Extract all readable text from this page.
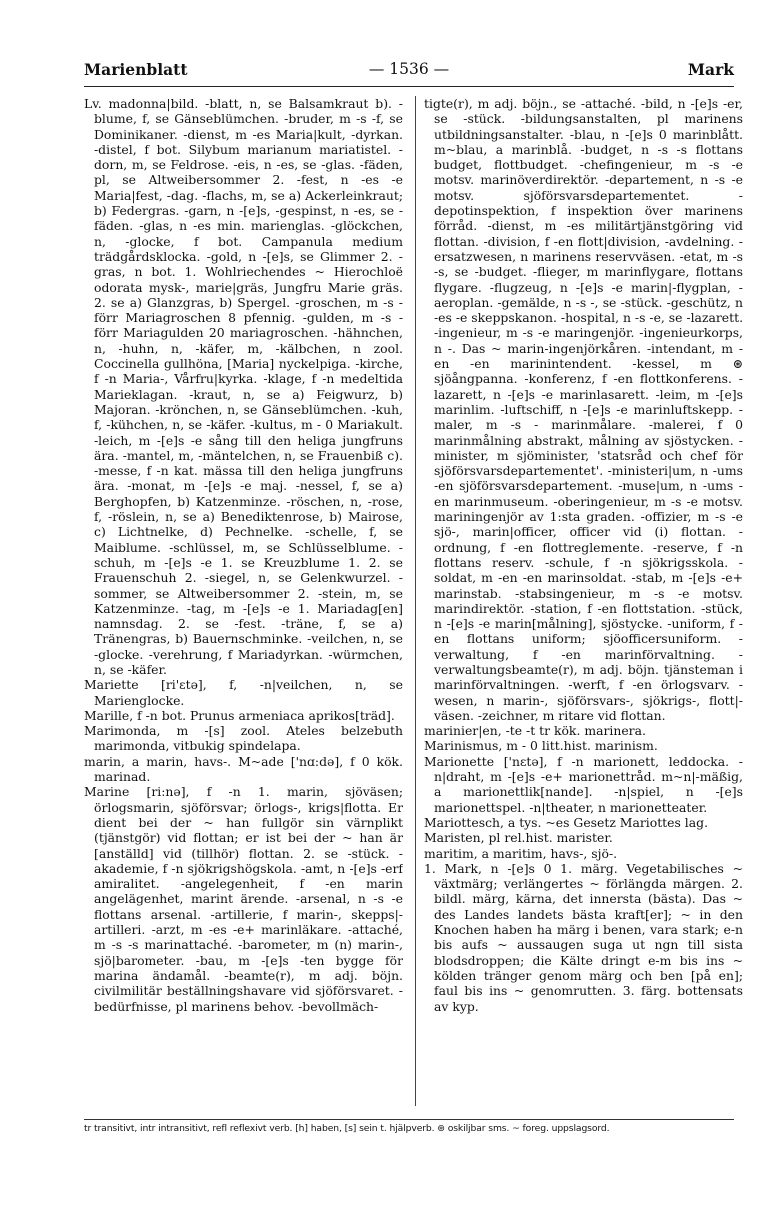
Marienblatt	— 1536 —	Mark

Lv. madonna|bild. -blatt, n, se Balsamkraut b). -blume, f, se Gänseblümchen. -bruder, m -s -f, se Dominikaner. -dienst, m -es Maria|kult, -dyrkan. -distel, f bot. Silybum marianum mariatistel. -dorn, m, se Feldrose. -eis, n -es, se -glas. -fäden, pl, se Altweibersommer 2. -fest, n -es -e Maria|fest, -dag. -flachs, m, se a) Ackerleinkraut; b) Federgras. -garn, n -[e]s, -gespinst, n -es, se -fäden. -glas, n -es min. marienglas. -glöckchen, n, -glocke, f bot. Campanula medium trädgårdsklocka. -gold, n -[e]s, se Glimmer 2. -gras, n bot. 1. Wohlriechendes ~ Hierochloë odorata mysk-, marie|gräs, Jungfru Marie gräs. 2. se a) Glanzgras, b) Spergel. -groschen, m -s - förr Mariagroschen 8 pfennig. -gulden, m -s - förr Mariagulden 20 mariagroschen. -hähnchen, n, -huhn, n, -käfer, m, -kälbchen, n zool. Coccinella gullhöna, [Maria] nyckelpiga. -kirche, f -n Maria-, Vårfru|kyrka. -klage, f -n medeltida Marieklagan. -kraut, n, se a) Feigwurz, b) Majoran. -krönchen, n, se Gänseblümchen. -kuh, f, -kühchen, n, se -käfer. -kultus, m - 0 Mariakult. -leich, m -[e]s -e sång till den heliga jungfruns ära. -mantel, m, -mäntelchen, n, se Frauenbiß c). -messe, f -n kat. mässa till den heliga jungfruns ära. -monat, m -[e]s -e maj. -nessel, f, se a) Berghopfen, b) Katzenminze. -röschen, n, -rose, f, -röslein, n, se a) Benediktenrose, b) Mairose, c) Lichtnelke, d) Pechnelke. -schelle, f, se Maiblume. -schlüssel, m, se Schlüsselblume. -schuh, m -[e]s -e 1. se Kreuzblume 1. 2. se Frauenschuh 2. -siegel, n, se Gelenkwurzel. -sommer, se Altweibersommer 2. -stein, m, se Katzenminze. -tag, m -[e]s -e 1. Mariadag[en] namnsdag. 2. se -fest. -träne, f, se a) Tränengras, b) Bauernschminke. -veilchen, n, se -glocke. -verehrung, f Mariadyrkan. -würmchen, n, se -käfer.

Mariette [ri'ɛtə], f, -n|veilchen, n, se Marienglocke.

Marille, f -n bot. Prunus armeniaca aprikos[träd].

Marimonda, m -[s] zool. Ateles belzebuth marimonda, vitbukig spindelapa.

marin, a marin, havs-. M~ade ['nɑ:də], f 0 kök. marinad.

Marine [ri:nə], f -n 1. marin, sjöväsen; örlogsmarin, sjöförsvar; örlogs-, krigs|flotta. Er dient bei der ~ han fullgör sin värnplikt (tjänstgör) vid flottan; er ist bei der ~ han är [anställd] vid (tillhör) flottan. 2. se -stück. -akademie, f -n sjökrigshögskola. -amt, n -[e]s -erf amiralitet. -angelegenheit, f -en marin angelägenhet, marint ärende. -arsenal, n -s -e flottans arsenal. -artillerie, f marin-, skepps|-artilleri. -arzt, m -es -e+ marinläkare. -attaché, m -s -s marinattaché. -barometer, m (n) marin-, sjö|barometer. -bau, m -[e]s -ten bygge för marina ändamål. -beamte(r), m adj. böjn. civilmilitär beställningshavare vid sjöförsvaret. -bedürfnisse, pl marinens behov. -bevollmäch-

tigte(r), m adj. böjn., se -attaché. -bild, n -[e]s -er, se -stück. -bildungsanstalten, pl marinens utbildningsanstalter. -blau, n -[e]s 0 marinblått. m~blau, a marinblå. -budget, n -s -s flottans budget, flottbudget. -chefingenieur, m -s -e motsv. marinöverdirektör. -departement, n -s -e motsv. sjöförsvarsdepartementet. -depotinspektion, f inspektion över marinens förråd. -dienst, m -es militärtjänstgöring vid flottan. -division, f -en flott|division, -avdelning. -ersatzwesen, n marinens reservväsen. -etat, m -s -s, se -budget. -flieger, m marinflygare, flottans flygare. -flugzeug, n -[e]s -e marin|-flygplan, -aeroplan. -gemälde, n -s -, se -stück. -geschütz, n -es -e skeppskanon. -hospital, n -s -e, se -lazarett. -ingenieur, m -s -e maringenjör. -ingenieurkorps, n -. Das ~ marin-ingenjörkåren. -intendant, m -en -en marinintendent. -kessel, m ⊛ sjöångpanna. -konferenz, f -en flottkonferens. -lazarett, n -[e]s -e marinlasarett. -leim, m -[e]s marinlim. -luftschiff, n -[e]s -e marinluftskepp. -maler, m -s - marinmålare. -malerei, f 0 marinmålning abstrakt, målning av sjöstycken. -minister, m sjöminister, 'statsråd och chef för sjöförsvarsdepartementet'. -ministeri|um, n -ums -en sjöförsvarsdepartement. -muse|um, n -ums -en marinmuseum. -oberingenieur, m -s -e motsv. mariningenjör av 1:sta graden. -offizier, m -s -e sjö-, marin|officer, officer vid (i) flottan. -ordnung, f -en flottreglemente. -reserve, f -n flottans reserv. -schule, f -n sjökrigsskola. -soldat, m -en -en marinsoldat. -stab, m -[e]s -e+ marinstab. -stabsingenieur, m -s -e motsv. marindirektör. -station, f -en flottstation. -stück, n -[e]s -e marin[målning], sjöstycke. -uniform, f -en flottans uniform; sjöofficersuniform. -verwaltung, f -en marinförvaltning. -verwaltungsbeamte(r), m adj. böjn. tjänsteman i marinförvaltningen. -werft, f -en örlogsvarv. -wesen, n marin-, sjöförsvars-, sjökrigs-, flott|-väsen. -zeichner, m ritare vid flottan.

marinier|en, -te -t tr kök. marinera.

Marinismus, m - 0 litt.hist. marinism.

Marionette ['nɛtə], f -n marionett, leddocka. -n|draht, m -[e]s -e+ marionettråd. m~n|-mäßig, a marionettlik[nande]. -n|spiel, n -[e]s marionettspel. -n|theater, n marionetteater.

Mariottesch, a tys. ~es Gesetz Mariottes lag.

Maristen, pl rel.hist. marister.

maritim, a maritim, havs-, sjö-.

1. Mark, n -[e]s 0 1. märg. Vegetabilisches ~ växtmärg; verlängertes ~ förlängda märgen. 2. bildl. märg, kärna, det innersta (bästa). Das ~ des Landes landets bästa kraft[er]; ~ in den Knochen haben ha märg i benen, vara stark; e-n bis aufs ~ aussaugen suga ut ngn till sista blodsdroppen; die Kälte dringt e-m bis ins ~ kölden tränger genom märg och ben [på en]; faul bis ins ~ genomrutten. 3. färg. bottensats av kyp.

tr transitivt, intr intransitivt, refl reflexivt verb. [h] haben, [s] sein t. hjälpverb. ⊛ oskiljbar sms. ~ foreg. uppslagsord.
